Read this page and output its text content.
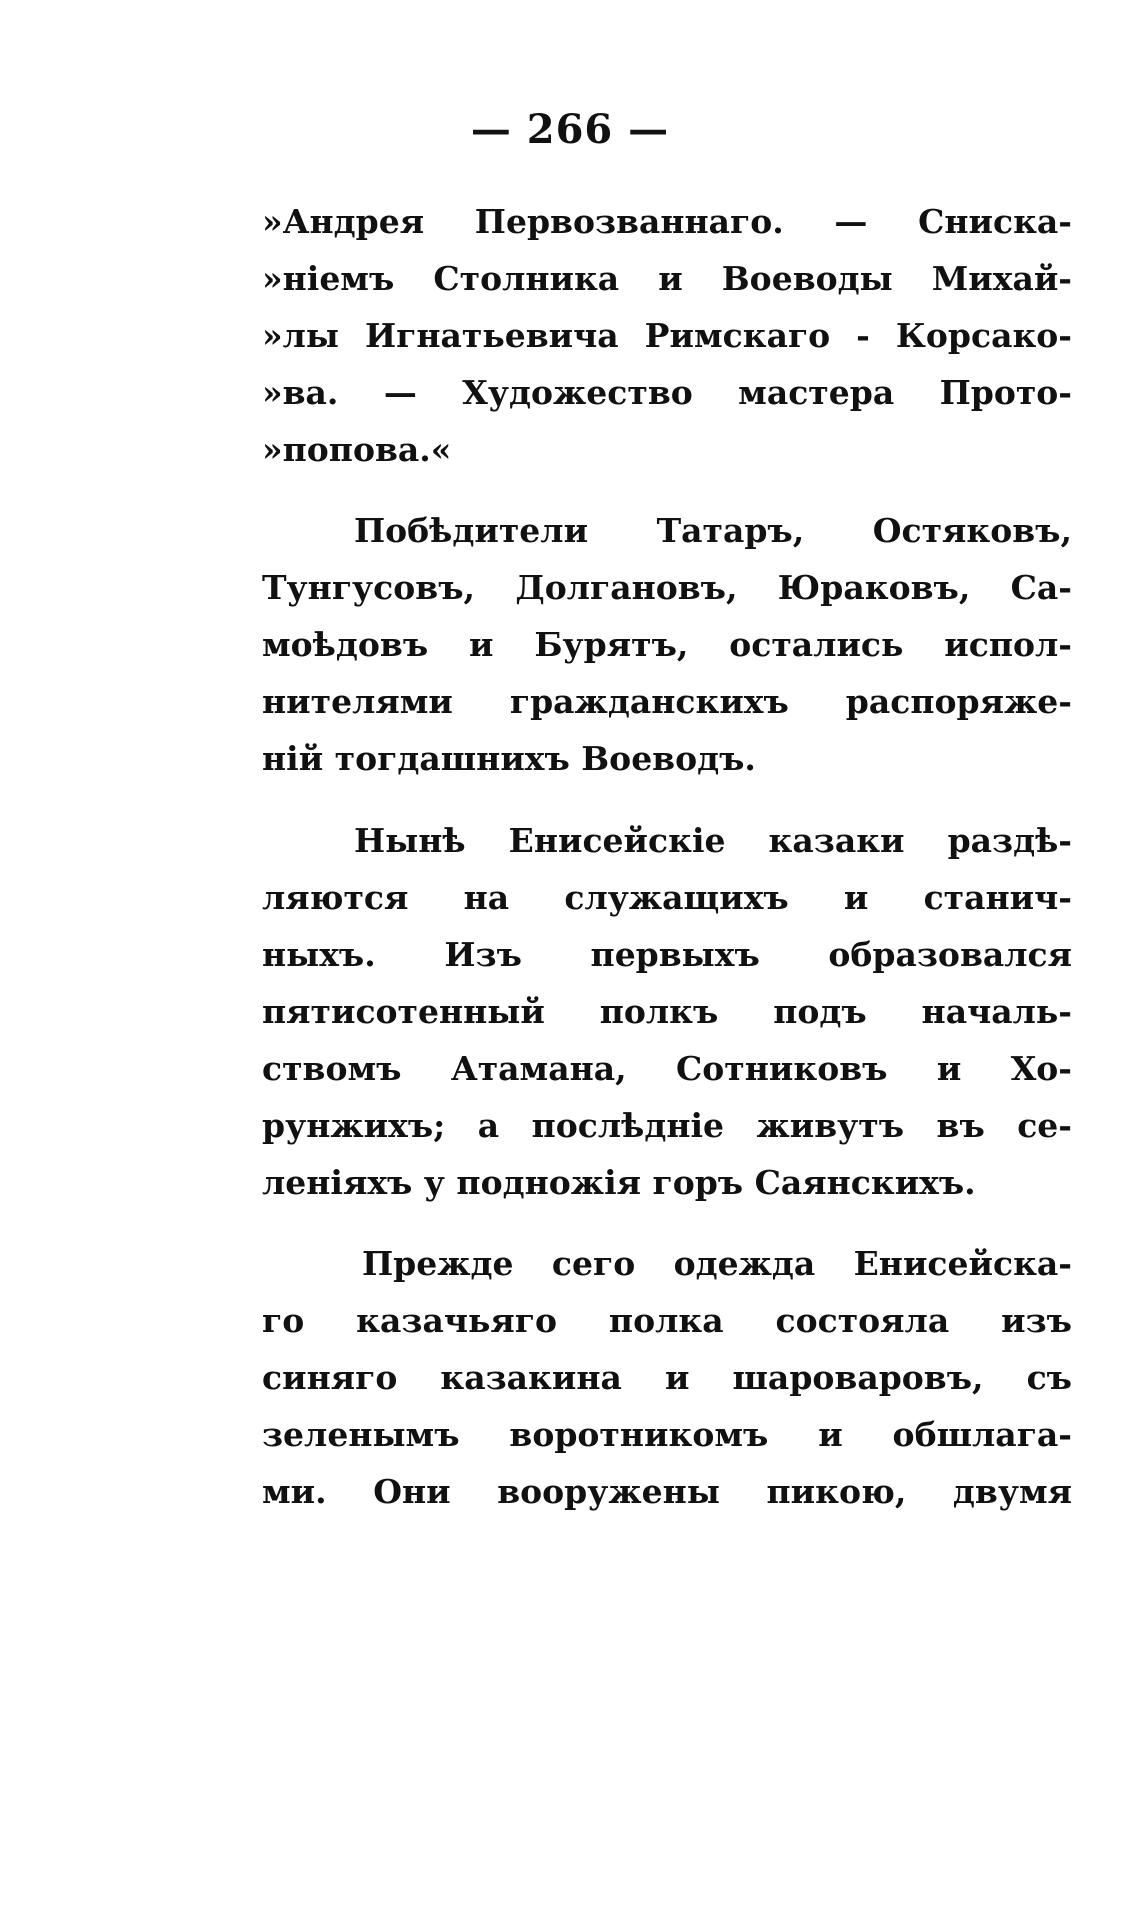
— 266 —
»Андрея Первозваннаго. — Сниска-
»ніемъ Столника и Воеводы Михай-
»лы Игнатьевича Римскаго - Корсако-
»ва. — Художество мастера Прото-
»попова.«
Побѣдители Татаръ, Остяковъ,
Тунгусовъ, Долгановъ, Юраковъ, Са-
моѣдовъ и Бурятъ, остались испол-
нителями гражданскихъ распоряже-
ній тогдашнихъ Воеводъ.
Нынѣ Енисейскіе казаки раздѣ-
ляются на служащихъ и станич-
ныхъ. Изъ первыхъ образовался
пятисотенный полкъ подъ началь-
ствомъ Атамана, Сотниковъ и Хо-
рунжихъ; а послѣдніе живутъ въ се-
леніяхъ у подножія горъ Саянскихъ.
Прежде сего одежда Енисейска-
го казачьяго полка состояла изъ
синяго казакина и шароваровъ, съ
зеленымъ воротникомъ и обшлага-
ми. Они вооружены пикою, двумя
